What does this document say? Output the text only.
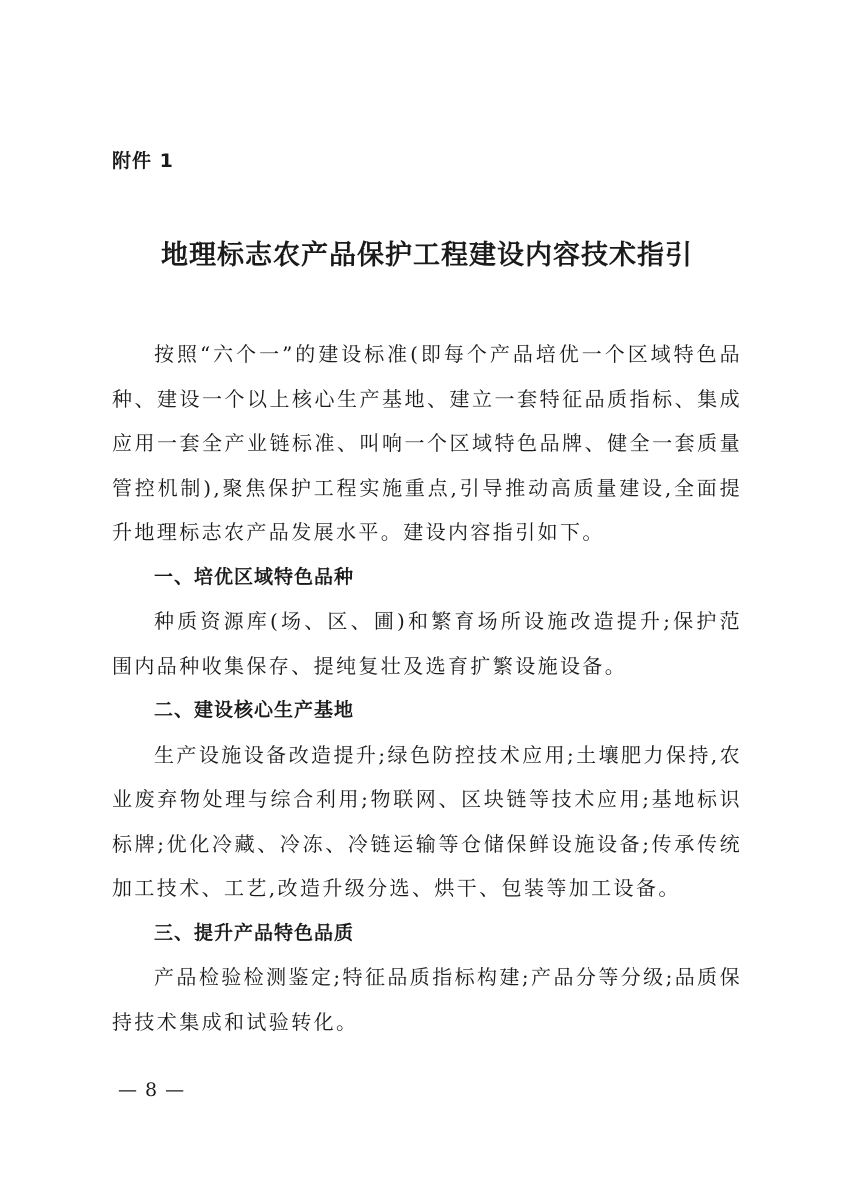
附件 1
地理标志农产品保护工程建设内容技术指引

按照“六个一”的建设标准(即每个产品培优一个区域特色品种、建设一个以上核心生产基地、建立一套特征品质指标、集成应用一套全产业链标准、叫响一个区域特色品牌、健全一套质量管控机制),聚焦保护工程实施重点,引导推动高质量建设,全面提升地理标志农产品发展水平。建设内容指引如下。

一、培优区域特色品种

种质资源库(场、区、圃)和繁育场所设施改造提升;保护范围内品种收集保存、提纯复壮及选育扩繁设施设备。

二、建设核心生产基地

生产设施设备改造提升;绿色防控技术应用;土壤肥力保持,农业废弃物处理与综合利用;物联网、区块链等技术应用;基地标识标牌;优化冷藏、冷冻、冷链运输等仓储保鲜设施设备;传承传统加工技术、工艺,改造升级分选、烘干、包装等加工设备。

三、提升产品特色品质

产品检验检测鉴定;特征品质指标构建;产品分等分级;品质保持技术集成和试验转化。

— 8 —
